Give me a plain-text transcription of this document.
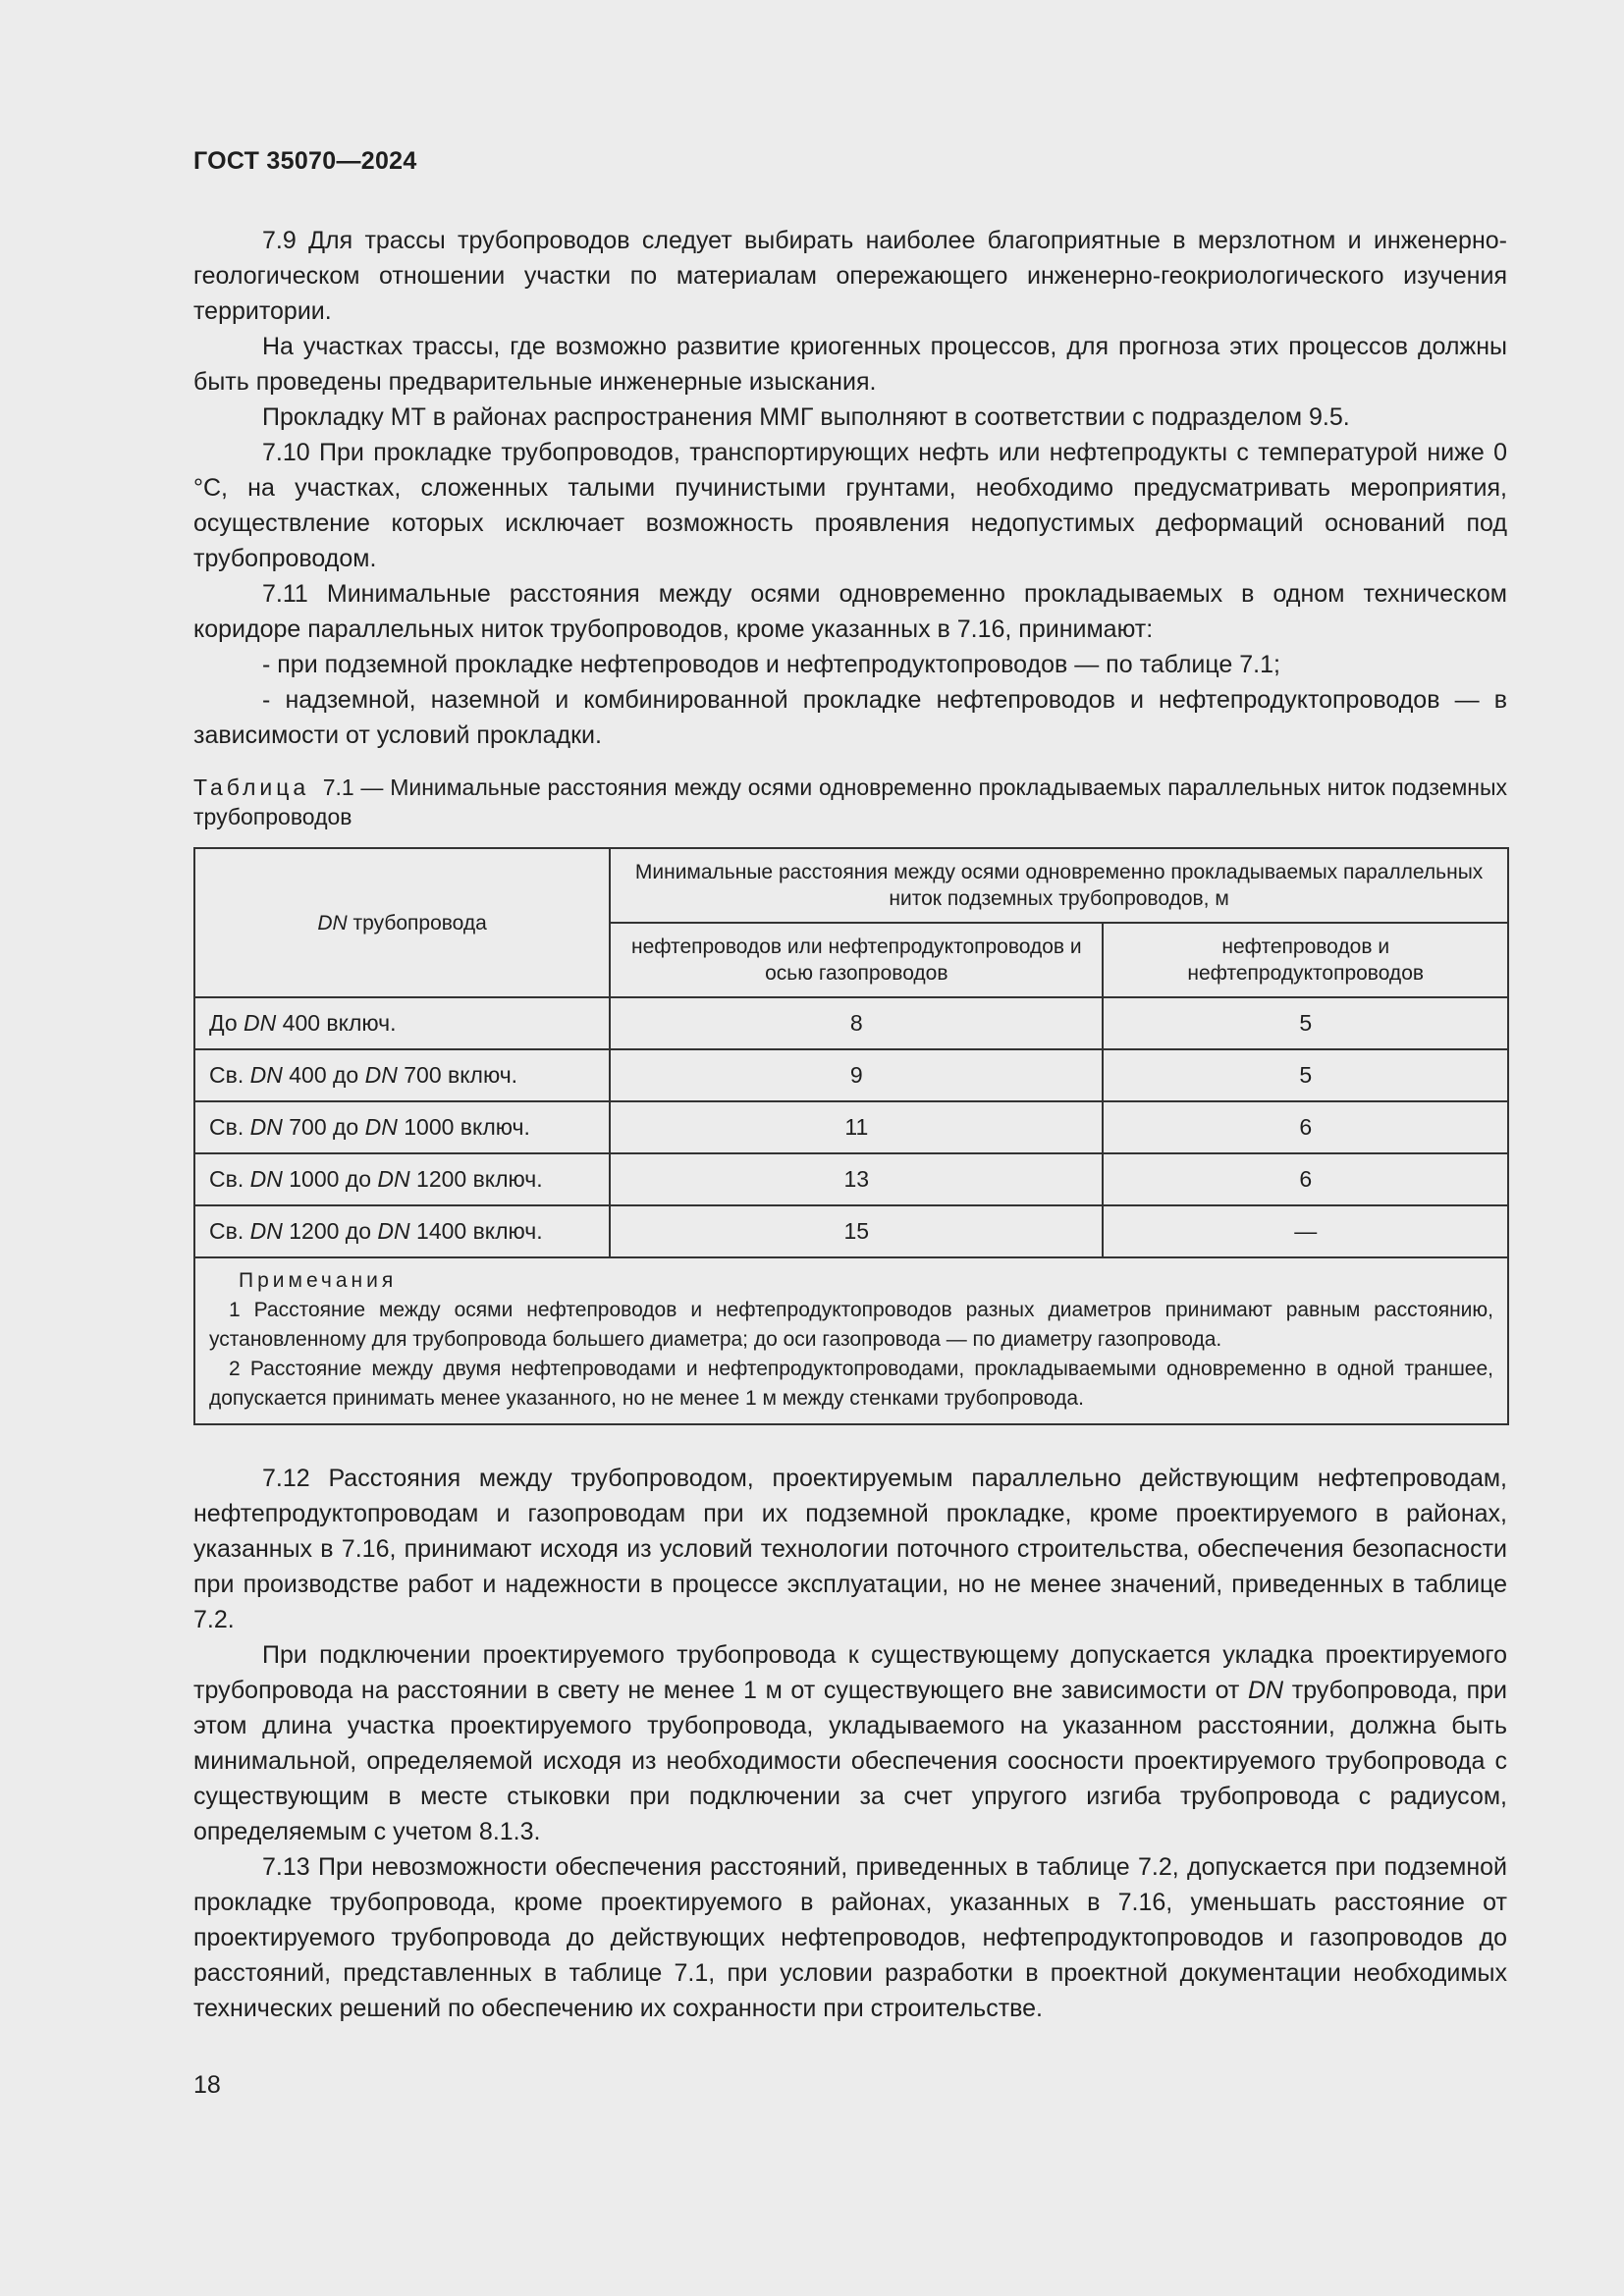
ГОСТ 35070—2024

7.9 Для трассы трубопроводов следует выбирать наиболее благоприятные в мерзлотном и инженерно-геологическом отношении участки по материалам опережающего инженерно-геокриологического изучения территории.

На участках трассы, где возможно развитие криогенных процессов, для прогноза этих процессов должны быть проведены предварительные инженерные изыскания.

Прокладку МТ в районах распространения ММГ выполняют в соответствии с подразделом 9.5.

7.10 При прокладке трубопроводов, транспортирующих нефть или нефтепродукты с температурой ниже 0 °С, на участках, сложенных талыми пучинистыми грунтами, необходимо предусматривать мероприятия, осуществление которых исключает возможность проявления недопустимых деформаций оснований под трубопроводом.

7.11 Минимальные расстояния между осями одновременно прокладываемых в одном техническом коридоре параллельных ниток трубопроводов, кроме указанных в 7.16, принимают:

- при подземной прокладке нефтепроводов и нефтепродуктопроводов — по таблице 7.1;

- надземной, наземной и комбинированной прокладке нефтепроводов и нефтепродуктопроводов — в зависимости от условий прокладки.

Таблица 7.1 — Минимальные расстояния между осями одновременно прокладываемых параллельных ниток подземных трубопроводов

DN трубопровода	Минимальные расстояния между осями одновременно прокладываемых параллельных ниток подземных трубопроводов, м	
	нефтепроводов или нефтепродуктопроводов и осью газопроводов	нефтепроводов и нефтепродуктопроводов
До DN 400 включ.	8	5
Св. DN 400 до DN 700 включ.	9	5
Св. DN 700 до DN 1000 включ.	11	6
Св. DN 1000 до DN 1200 включ.	13	6
Св. DN 1200 до DN 1400 включ.	15	—

Примечания
1 Расстояние между осями нефтепроводов и нефтепродуктопроводов разных диаметров принимают равным расстоянию, установленному для трубопровода большего диаметра; до оси газопровода — по диаметру газопровода.
2 Расстояние между двумя нефтепроводами и нефтепродуктопроводами, прокладываемыми одновременно в одной траншее, допускается принимать менее указанного, но не менее 1 м между стенками трубопровода.		

7.12 Расстояния между трубопроводом, проектируемым параллельно действующим нефтепроводам, нефтепродуктопроводам и газопроводам при их подземной прокладке, кроме проектируемого в районах, указанных в 7.16, принимают исходя из условий технологии поточного строительства, обеспечения безопасности при производстве работ и надежности в процессе эксплуатации, но не менее значений, приведенных в таблице 7.2.

При подключении проектируемого трубопровода к существующему допускается укладка проектируемого трубопровода на расстоянии в свету не менее 1 м от существующего вне зависимости от DN трубопровода, при этом длина участка проектируемого трубопровода, укладываемого на указанном расстоянии, должна быть минимальной, определяемой исходя из необходимости обеспечения соосности проектируемого трубопровода с существующим в месте стыковки при подключении за счет упругого изгиба трубопровода с радиусом, определяемым с учетом 8.1.3.

7.13 При невозможности обеспечения расстояний, приведенных в таблице 7.2, допускается при подземной прокладке трубопровода, кроме проектируемого в районах, указанных в 7.16, уменьшать расстояние от проектируемого трубопровода до действующих нефтепроводов, нефтепродуктопроводов и газопроводов до расстояний, представленных в таблице 7.1, при условии разработки в проектной документации необходимых технических решений по обеспечению их сохранности при строительстве.

18
